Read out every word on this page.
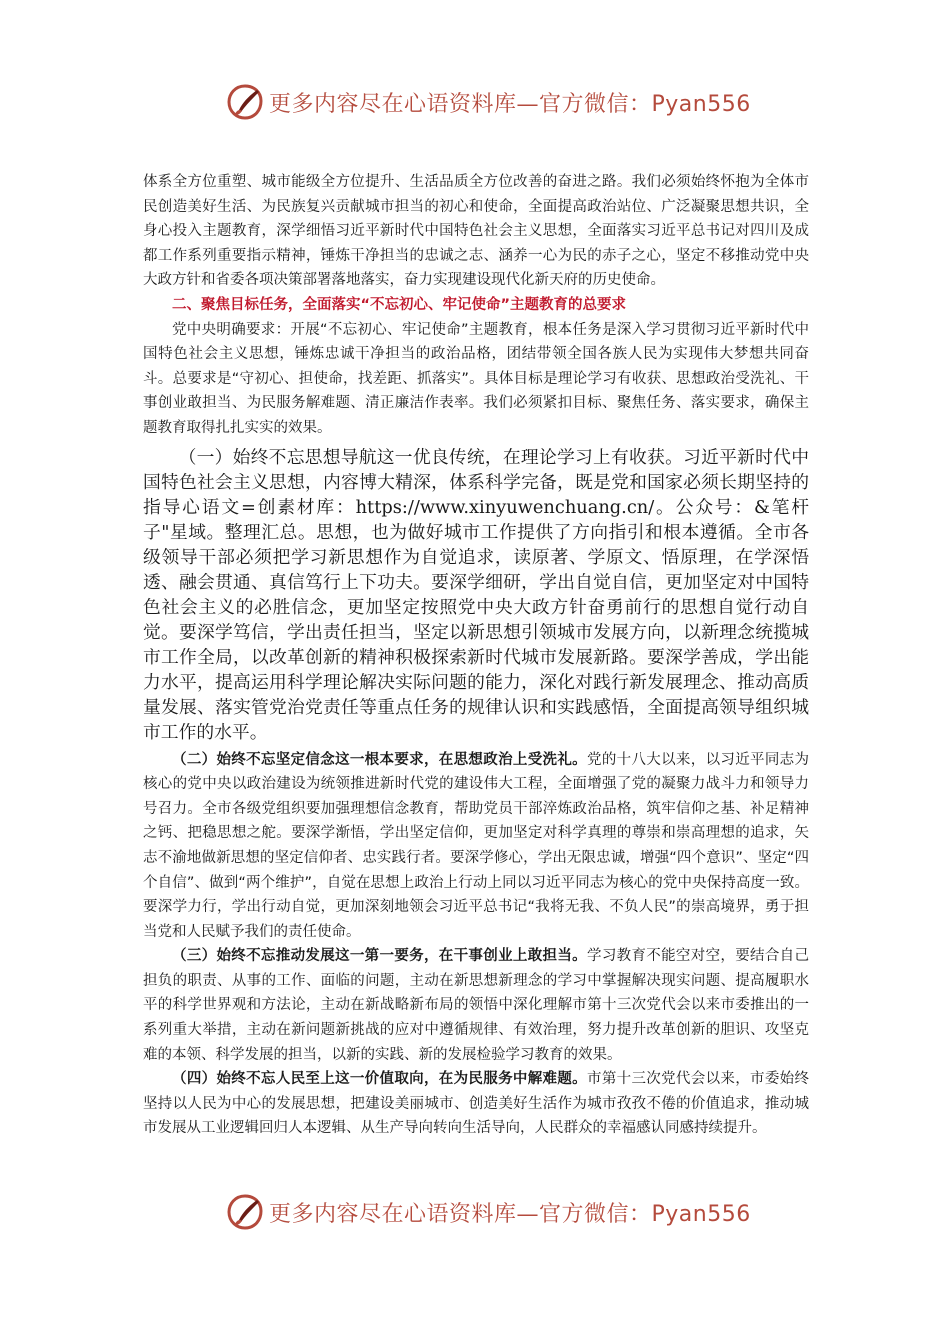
更多内容尽在心语资料库—官方微信：Pyan556

体系全方位重塑、城市能级全方位提升、生活品质全方位改善的奋进之路。我们必须始终怀抱为全体市民创造美好生活、为民族复兴贡献城市担当的初心和使命，全面提高政治站位、广泛凝聚思想共识，全身心投入主题教育，深学细悟习近平新时代中国特色社会主义思想，全面落实习近平总书记对四川及成都工作系列重要指示精神，锤炼干净担当的忠诚之志、涵养一心为民的赤子之心，坚定不移推动党中央大政方针和省委各项决策部署落地落实，奋力实现建设现代化新天府的历史使命。

二、聚焦目标任务，全面落实“不忘初心、牢记使命”主题教育的总要求

党中央明确要求：开展“不忘初心、牢记使命”主题教育，根本任务是深入学习贯彻习近平新时代中国特色社会主义思想，锤炼忠诚干净担当的政治品格，团结带领全国各族人民为实现伟大梦想共同奋斗。总要求是“守初心、担使命，找差距、抓落实”。具体目标是理论学习有收获、思想政治受洗礼、干事创业敢担当、为民服务解难题、清正廉洁作表率。我们必须紧扣目标、聚焦任务、落实要求，确保主题教育取得扎扎实实的效果。

（一）始终不忘思想导航这一优良传统，在理论学习上有收获。习近平新时代中国特色社会主义思想，内容博大精深，体系科学完备，既是党和国家必须长期坚持的指导心语文=创素材库：https://www.xinyuwenchuang.cn/。公众号：&笔杆子"星域。整理汇总。思想，也为做好城市工作提供了方向指引和根本遵循。全市各级领导干部必须把学习新思想作为自觉追求，读原著、学原文、悟原理，在学深悟透、融会贯通、真信笃行上下功夫。要深学细研，学出自觉自信，更加坚定对中国特色社会主义的必胜信念，更加坚定按照党中央大政方针奋勇前行的思想自觉行动自觉。要深学笃信，学出责任担当，坚定以新思想引领城市发展方向，以新理念统揽城市工作全局，以改革创新的精神积极探索新时代城市发展新路。要深学善成，学出能力水平，提高运用科学理论解决实际问题的能力，深化对践行新发展理念、推动高质量发展、落实管党治党责任等重点任务的规律认识和实践感悟，全面提高领导组织城市工作的水平。

（二）始终不忘坚定信念这一根本要求，在思想政治上受洗礼。党的十八大以来，以习近平同志为核心的党中央以政治建设为统领推进新时代党的建设伟大工程，全面增强了党的凝聚力战斗力和领导力号召力。全市各级党组织要加强理想信念教育，帮助党员干部淬炼政治品格，筑牢信仰之基、补足精神之钙、把稳思想之舵。要深学渐悟，学出坚定信仰，更加坚定对科学真理的尊崇和崇高理想的追求，矢志不渝地做新思想的坚定信仰者、忠实践行者。要深学修心，学出无限忠诚，增强“四个意识”、坚定“四个自信”、做到“两个维护”，自觉在思想上政治上行动上同以习近平同志为核心的党中央保持高度一致。要深学力行，学出行动自觉，更加深刻地领会习近平总书记“我将无我、不负人民”的崇高境界，勇于担当党和人民赋予我们的责任使命。

（三）始终不忘推动发展这一第一要务，在干事创业上敢担当。学习教育不能空对空，要结合自己担负的职责、从事的工作、面临的问题，主动在新思想新理念的学习中掌握解决现实问题、提高履职水平的科学世界观和方法论，主动在新战略新布局的领悟中深化理解市第十三次党代会以来市委推出的一系列重大举措，主动在新问题新挑战的应对中遵循规律、有效治理，努力提升改革创新的胆识、攻坚克难的本领、科学发展的担当，以新的实践、新的发展检验学习教育的效果。

（四）始终不忘人民至上这一价值取向，在为民服务中解难题。市第十三次党代会以来，市委始终坚持以人民为中心的发展思想，把建设美丽城市、创造美好生活作为城市孜孜不倦的价值追求，推动城市发展从工业逻辑回归人本逻辑、从生产导向转向生活导向，人民群众的幸福感认同感持续提升。

更多内容尽在心语资料库—官方微信：Pyan556
